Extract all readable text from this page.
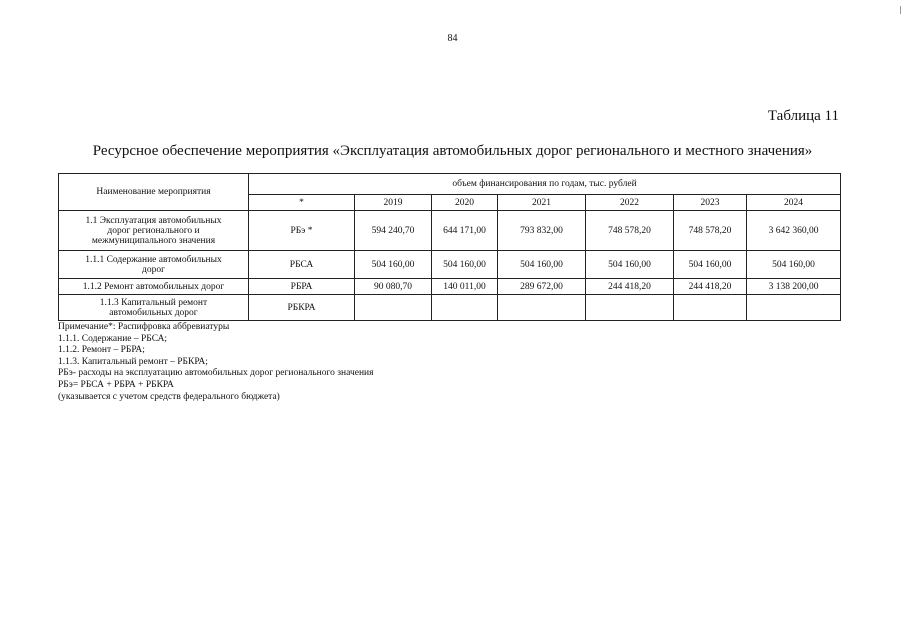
84
Таблица 11
Ресурсное обеспечение мероприятия «Эксплуатация автомобильных дорог регионального и местного значения»
Наименование мероприятия	объем финансирования по годам, тыс. рублей						
	*	2019	2020	2021	2022	2023	2024

1.1 Эксплуатация автомобильных
дорог регионального и
межмуниципального значения	РБэ *	594 240,70	644 171,00	793 832,00	748 578,20	748 578,20	3 642 360,00

1.1.1 Содержание автомобильных
дорог	РБСА	504 160,00	504 160,00	504 160,00	504 160,00	504 160,00	504 160,00

1.1.2 Ремонт автомобильных дорог	РБРА	90 080,70	140 011,00	289 672,00	244 418,20	244 418,20	3 138 200,00

1.1.3 Капитальный ремонт
автомобильных дорог	РБКРА						
Примечание*: Распифровка аббревиатуры
1.1.1. Содержание – РБСА;
1.1.2. Ремонт – РБРА;
1.1.3. Капитальный ремонт – РБКРА;
РБэ- расходы на эксплуатацию автомобильных дорог регионального значения
РБэ= РБСА + РБРА + РБКРА
(указывается с учетом средств федерального бюджета)
